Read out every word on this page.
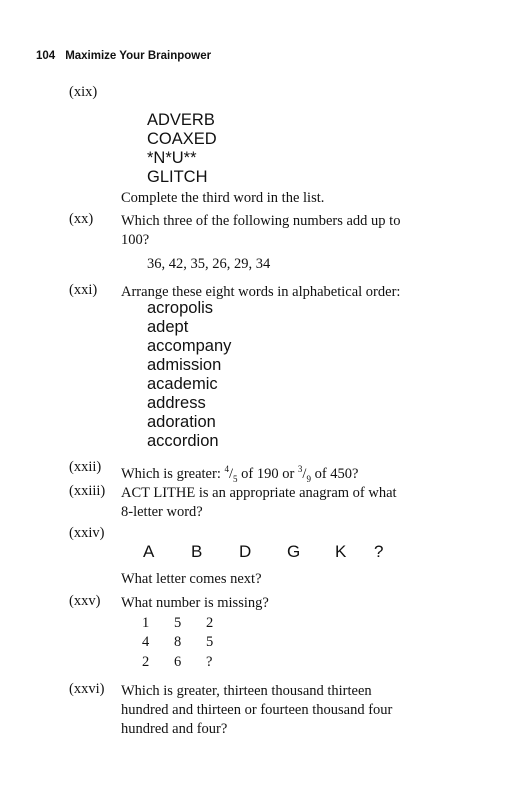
104 Maximize Your Brainpower
(xix)
ADVERB
COAXED
*N*U**
GLITCH
Complete the third word in the list.
(xx) Which three of the following numbers add up to
100?
36, 42, 35, 26, 29, 34
(xxi) Arrange these eight words in alphabetical order:
acropolis
adept
accompany
admission
academic
address
adoration
accordion
(xxii) Which is greater: $^4/_5$ of 190 or $^3/_9$ of 450?
(xxiii) ACT LITHE is an appropriate anagram of what
8-letter word?
(xxiv)
A B D G K ?
What letter comes next?
(xxv) What number is missing?
1 5 2
4 8 5
2 6 ?
(xxvi) Which is greater, thirteen thousand thirteen
hundred and thirteen or fourteen thousand four
hundred and four?
